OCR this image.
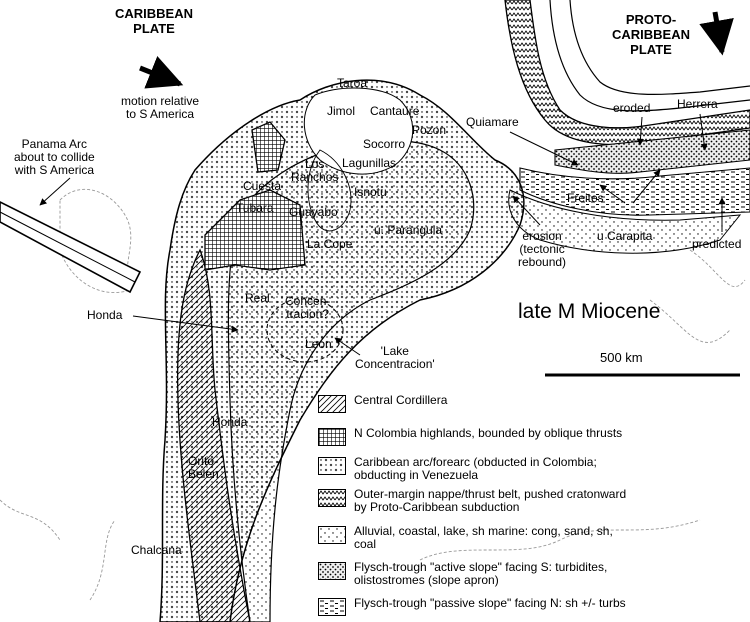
CARIBBEAN
PLATE
PROTO-
CARIBBEAN
PLATE
motion relative
to S America
Panama Arc
about to collide
with S America
erosion
(tectonic
rebound)
'Lake
Concentracion'
Concen-
tracion?
Orito-
Belen
Los
Ranchos
Taroa
Jimol Cantaure
Pozon
Quiamare
Socorro
Lagunillas
Isnotu
Cuesta
Tubara Guayabo
u. Parangula
La Cope
Real
Leon
Honda
Honda
Chalcana
eroded Herrera
Freites
u Carapita
predicted
late M Miocene
500 km
Central Cordillera
N Colombia highlands, bounded by oblique thrusts
Caribbean arc/forearc (obducted in Colombia;
obducting in Venezuela
Outer-margin nappe/thrust belt, pushed cratonward
by Proto-Caribbean subduction
Alluvial, coastal, lake, sh marine: cong, sand, sh,
coal
Flysch-trough "active slope" facing S: turbidites,
olistostromes (slope apron)
Flysch-trough "passive slope" facing N: sh +/- turbs
